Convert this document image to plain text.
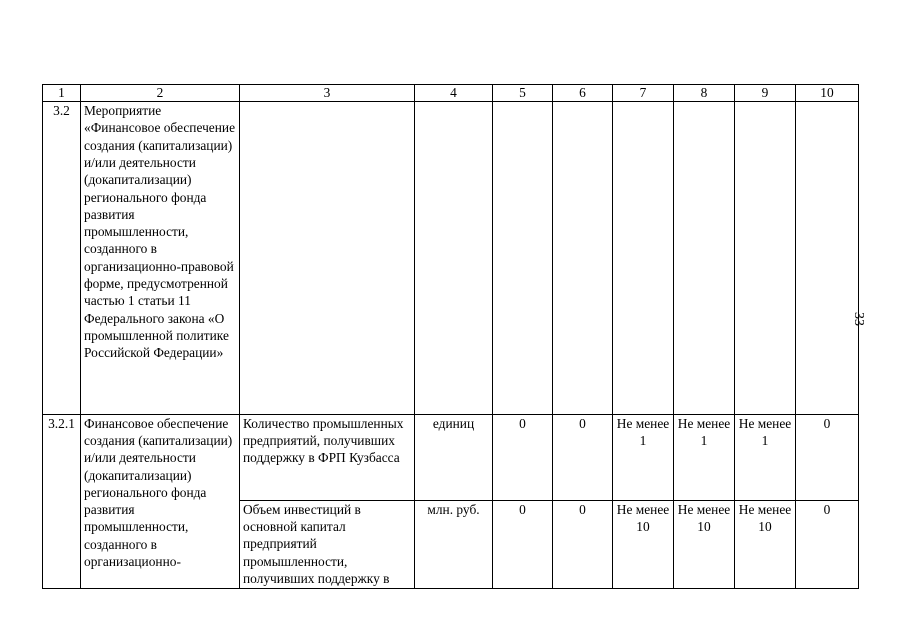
33
1	2	3	4	5	6	7	8	9	10
3.2	Мероприятие «Финансовое обеспечение создания (капитализации) и/или деятельности (докапитализации) регионального фонда развития промышленности, созданного в организационно-правовой форме, предусмотренной частью 1 статьи 11 Федерального закона «О промышленной политике Российской Федерации»								
3.2.1	Финансовое обеспечение создания (капитализации) и/или деятельности (докапитализации) регионального фонда развития промышленности, созданного в организационно-	Количество промышленных предприятий, получивших поддержку в ФРП Кузбасса	единиц	0	0	Не менее 1	Не менее 1	Не менее 1	0
		Объем инвестиций в основной капитал предприятий промышленности, получивших поддержку в	млн. руб.	0	0	Не менее 10	Не менее 10	Не менее 10	0
